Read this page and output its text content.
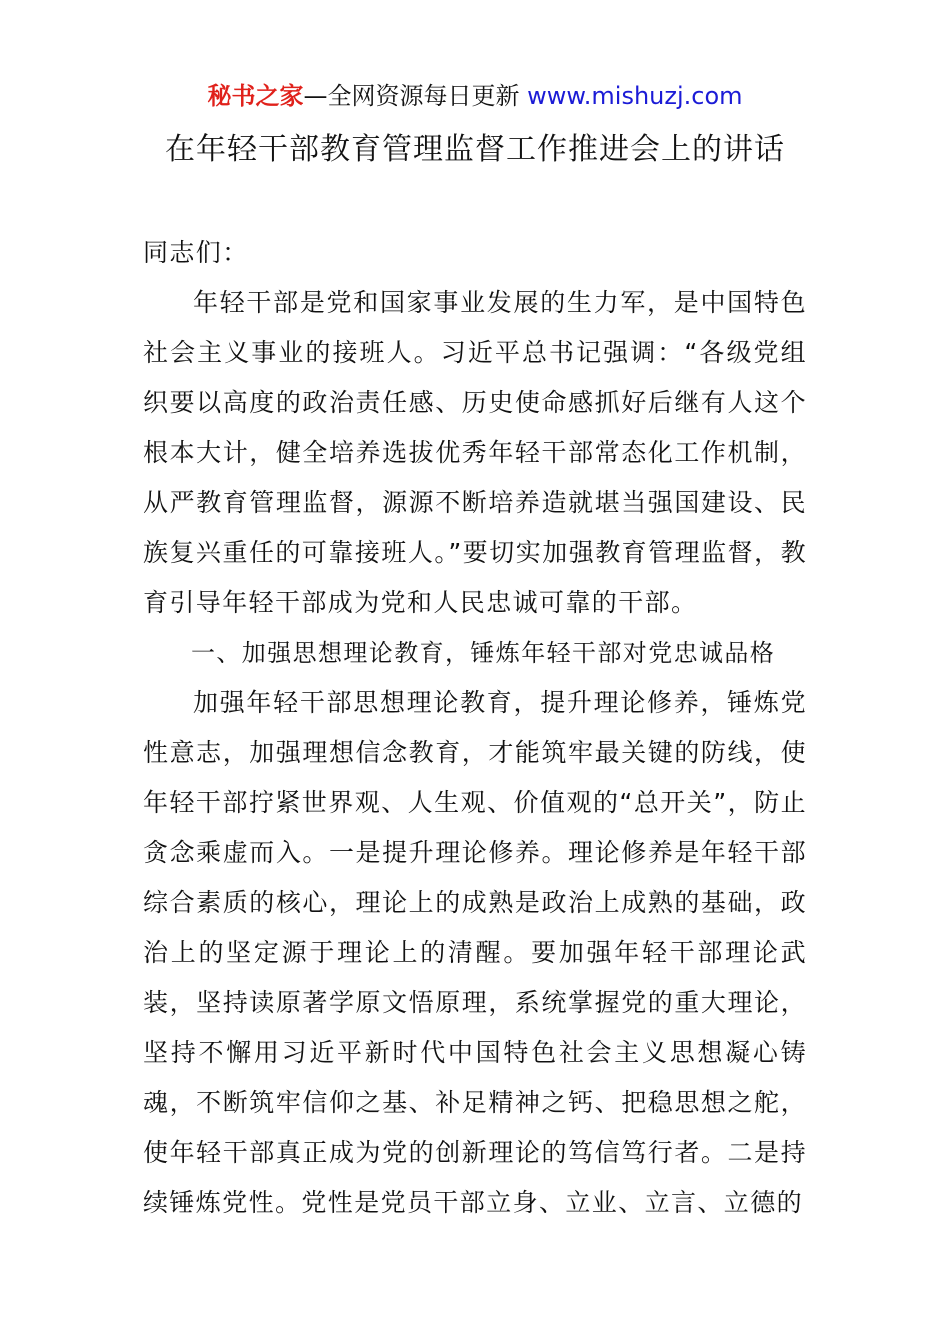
秘书之家—全网资源每日更新 www.mishuzj.com
在年轻干部教育管理监督工作推进会上的讲话

同志们：

年轻干部是党和国家事业发展的生力军，是中国特色社会主义事业的接班人。习近平总书记强调：“各级党组织要以高度的政治责任感、历史使命感抓好后继有人这个根本大计，健全培养选拔优秀年轻干部常态化工作机制，从严教育管理监督，源源不断培养造就堪当强国建设、民族复兴重任的可靠接班人。”要切实加强教育管理监督，教育引导年轻干部成为党和人民忠诚可靠的干部。

一、加强思想理论教育，锤炼年轻干部对党忠诚品格

加强年轻干部思想理论教育，提升理论修养，锤炼党性意志，加强理想信念教育，才能筑牢最关键的防线，使年轻干部拧紧世界观、人生观、价值观的“总开关”，防止贪念乘虚而入。一是提升理论修养。理论修养是年轻干部综合素质的核心，理论上的成熟是政治上成熟的基础，政治上的坚定源于理论上的清醒。要加强年轻干部理论武装，坚持读原著学原文悟原理，系统掌握党的重大理论，坚持不懈用习近平新时代中国特色社会主义思想凝心铸魂，不断筑牢信仰之基、补足精神之钙、把稳思想之舵，使年轻干部真正成为党的创新理论的笃信笃行者。二是持续锤炼党性。党性是党员干部立身、立业、立言、立德的
